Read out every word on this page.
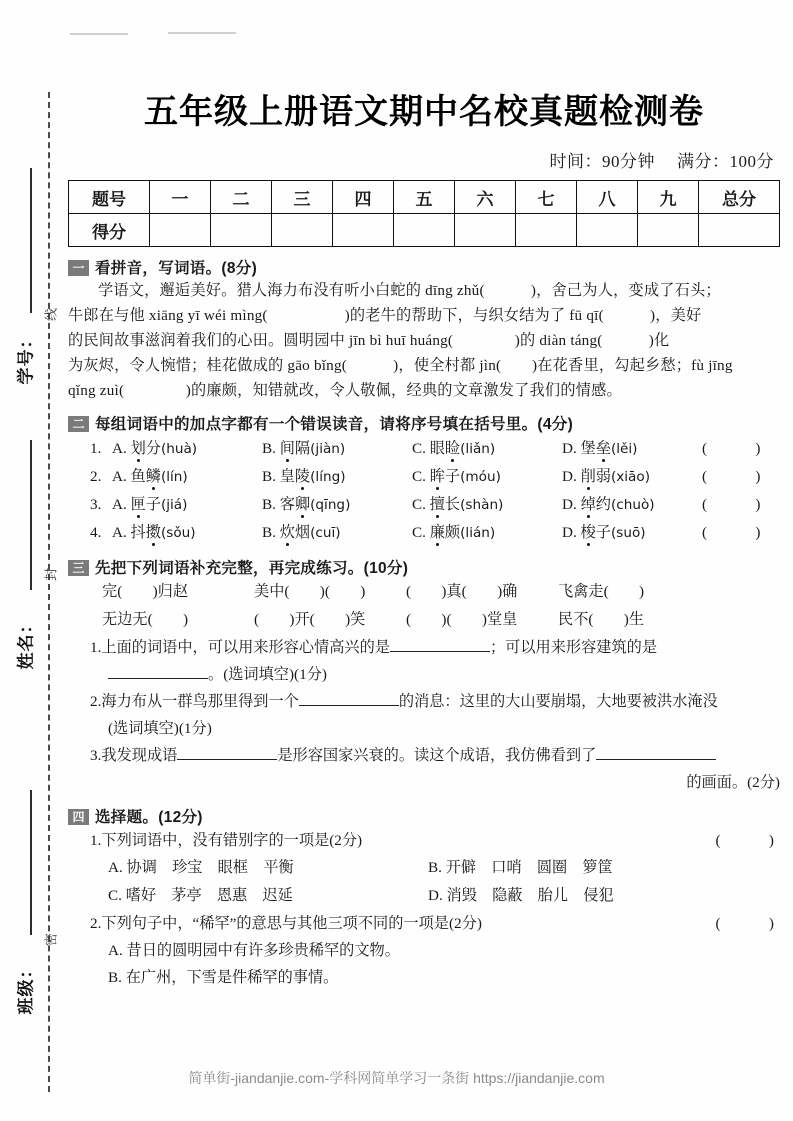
线
封
密
学号：
姓名：
班级：
五年级上册语文期中名校真题检测卷
时间：90分钟 满分：100分
题号	一	二	三	四	五	六	七	八	九	总分
得分										
一 看拼音，写词语。(8分)
学语文，邂逅美好。猎人海力布没有听小白蛇的 dīng zhǔ(　　　)，舍己为人，变成了石头；
牛郎在与他 xiāng yī wéi mìng(　　　　　)的老牛的帮助下，与织女结为了 fū qī(　　　)，美好
的民间故事滋润着我们的心田。圆明园中 jīn bì huī huáng(　　　　)的 diàn táng(　　　)化
为灰烬，令人惋惜；桂花做成的 gāo bǐng(　　　)，使全村都 jìn(　　)在花香里，勾起乡愁；fù jīng
qǐng zuì(　　　　)的廉颇，知错就改，令人敬佩，经典的文章激发了我们的情感。
二 每组词语中的加点字都有一个错误读音，请将序号填在括号里。(4分)
1. A. 划分(huà)	B. 间隔(jiàn)	C. 眼睑(liǎn)	D. 堡垒(lěi)	(　　)
2. A. 鱼鳞(lín)	B. 皇陵(líng)	C. 眸子(móu)	D. 削弱(xiāo)	(　　)
3. A. 匣子(jiá)	B. 客卿(qīng)	C. 擅长(shàn)	D. 绰约(chuò)	(　　)
4. A. 抖擞(sǒu)	B. 炊烟(cuī)	C. 廉颇(lián)	D. 梭子(suō)	(　　)
三 先把下列词语补充完整，再完成练习。(10分)
完(　　)归赵	美中(　　)(　　)	(　　)真(　　)确	飞禽走(　　)
无边无(　　)	(　　)开(　　)笑	(　　)(　　)堂皇	民不(　　)生
1.上面的词语中，可以用来形容心情高兴的是	；可以用来形容建筑的是
。(选词填空)(1分)
2.海力布从一群鸟那里得到一个	的消息：这里的大山要崩塌，大地要被洪水淹没
(选词填空)(1分)
3.我发现成语	是形容国家兴衰的。读这个成语，我仿佛看到了
的画面。(2分)
四 选择题。(12分)
(　　)
1.下列词语中，没有错别字的一项是(2分)
A. 协调　珍宝　眼框　平衡	B. 开僻　口哨　圆圈　箩筐
C. 嗜好　茅亭　恩惠　迟延	D. 消毁　隐蔽　胎儿　侵犯
(　　)
2.下列句子中，“稀罕”的意思与其他三项不同的一项是(2分)
A. 昔日的圆明园中有许多珍贵稀罕的文物。
B. 在广州，下雪是件稀罕的事情。
简单街-jiandanjie.com-学科网简单学习一条街 https://jiandanjie.com
